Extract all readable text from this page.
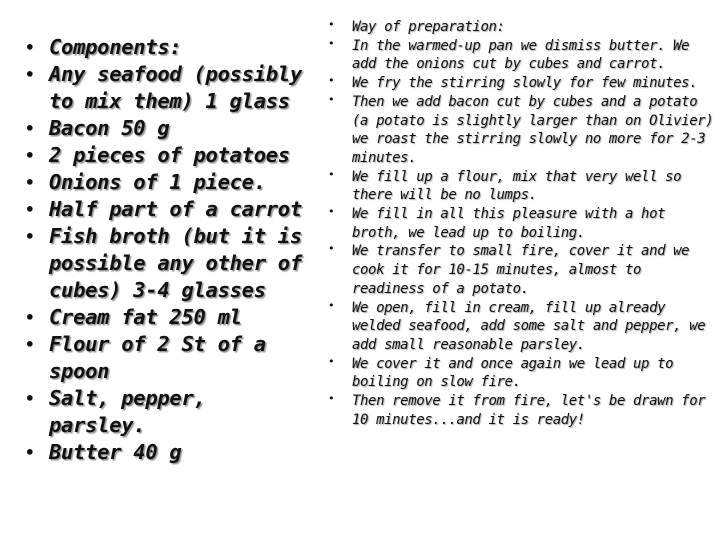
• Components:
• Any seafood (possibly to mix them) 1 glass
• Bacon 50 g
• 2 pieces of potatoes
• Onions of 1 piece.
• Half part of a carrot
• Fish broth (but it is possible any other of cubes) 3-4 glasses
• Cream fat 250 ml
• Flour of 2 St of a spoon
• Salt, pepper, parsley.
• Butter 40 g
• Way of preparation:
• In the warmed-up pan we dismiss butter. We add the onions cut by cubes and carrot.
• We fry the stirring slowly for few minutes.
• Then we add bacon cut by cubes and a potato (a potato is slightly larger than on Olivier) we roast the stirring slowly no more for 2-3 minutes.
• We fill up a flour, mix that very well so there will be no lumps.
• We fill in all this pleasure with a hot broth, we lead up to boiling.
• We transfer to small fire, cover it and we cook it for 10-15 minutes, almost to readiness of a potato.
• We open, fill in cream, fill up already welded seafood, add some salt and pepper, we add small reasonable parsley.
• We cover it and once again we lead up to boiling on slow fire.
• Then remove it from fire, let's be drawn for 10 minutes...and it is ready!
